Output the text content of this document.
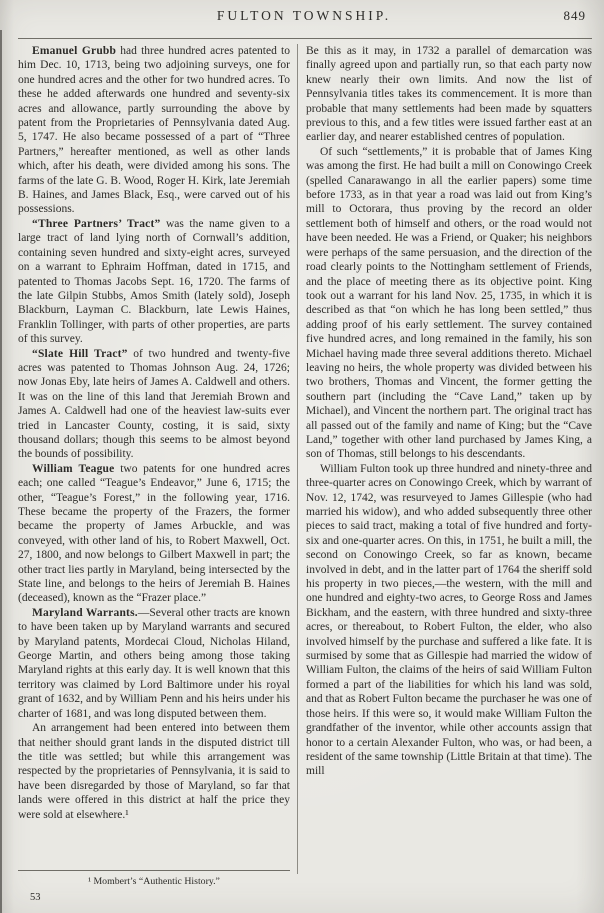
FULTON TOWNSHIP.	849

Emanuel Grubb had three hundred acres patented to him Dec. 10, 1713, being two adjoining surveys, one for one hundred acres and the other for two hundred acres. To these he added afterwards one hundred and seventy-six acres and allowance, partly surrounding the above by patent from the Proprietaries of Pennsylvania dated Aug. 5, 1747. He also became possessed of a part of “Three Partners,” hereafter mentioned, as well as other lands which, after his death, were divided among his sons. The farms of the late G. B. Wood, Roger H. Kirk, late Jeremiah B. Haines, and James Black, Esq., were carved out of his possessions.

“Three Partners’ Tract” was the name given to a large tract of land lying north of Cornwall’s addition, containing seven hundred and sixty-eight acres, surveyed on a warrant to Ephraim Hoffman, dated in 1715, and patented to Thomas Jacobs Sept. 16, 1720. The farms of the late Gilpin Stubbs, Amos Smith (lately sold), Joseph Blackburn, Layman C. Blackburn, late Lewis Haines, Franklin Tollinger, with parts of other properties, are parts of this survey.

“Slate Hill Tract” of two hundred and twenty-five acres was patented to Thomas Johnson Aug. 24, 1726; now Jonas Eby, late heirs of James A. Caldwell and others. It was on the line of this land that Jeremiah Brown and James A. Caldwell had one of the heaviest law-suits ever tried in Lancaster County, costing, it is said, sixty thousand dollars; though this seems to be almost beyond the bounds of possibility.

William Teague two patents for one hundred acres each; one called “Teague’s Endeavor,” June 6, 1715; the other, “Teague’s Forest,” in the following year, 1716. These became the property of the Frazers, the former became the property of James Arbuckle, and was conveyed, with other land of his, to Robert Maxwell, Oct. 27, 1800, and now belongs to Gilbert Maxwell in part; the other tract lies partly in Maryland, being intersected by the State line, and belongs to the heirs of Jeremiah B. Haines (deceased), known as the “Frazer place.”

Maryland Warrants.—Several other tracts are known to have been taken up by Maryland warrants and secured by Maryland patents, Mordecai Cloud, Nicholas Hiland, George Martin, and others being among those taking Maryland rights at this early day. It is well known that this territory was claimed by Lord Baltimore under his royal grant of 1632, and by William Penn and his heirs under his charter of 1681, and was long disputed between them.

An arrangement had been entered into between them that neither should grant lands in the disputed district till the title was settled; but while this arrangement was respected by the proprietaries of Pennsylvania, it is said to have been disregarded by those of Maryland, so far that lands were offered in this district at half the price they were sold at elsewhere.¹

¹ Mombert’s “Authentic History.”

53

Be this as it may, in 1732 a parallel of demarcation was finally agreed upon and partially run, so that each party now knew nearly their own limits. And now the list of Pennsylvania titles takes its commencement. It is more than probable that many settlements had been made by squatters previous to this, and a few titles were issued farther east at an earlier day, and nearer established centres of population.

Of such “settlements,” it is probable that of James King was among the first. He had built a mill on Conowingo Creek (spelled Canarawango in all the earlier papers) some time before 1733, as in that year a road was laid out from King’s mill to Octorara, thus proving by the record an older settlement both of himself and others, or the road would not have been needed. He was a Friend, or Quaker; his neighbors were perhaps of the same persuasion, and the direction of the road clearly points to the Nottingham settlement of Friends, and the place of meeting there as its objective point. King took out a warrant for his land Nov. 25, 1735, in which it is described as that “on which he has long been settled,” thus adding proof of his early settlement. The survey contained five hundred acres, and long remained in the family, his son Michael having made three several additions thereto. Michael leaving no heirs, the whole property was divided between his two brothers, Thomas and Vincent, the former getting the southern part (including the “Cave Land,” taken up by Michael), and Vincent the northern part. The original tract has all passed out of the family and name of King; but the “Cave Land,” together with other land purchased by James King, a son of Thomas, still belongs to his descendants.

William Fulton took up three hundred and ninety-three and three-quarter acres on Conowingo Creek, which by warrant of Nov. 12, 1742, was resurveyed to James Gillespie (who had married his widow), and who added subsequently three other pieces to said tract, making a total of five hundred and forty-six and one-quarter acres. On this, in 1751, he built a mill, the second on Conowingo Creek, so far as known, became involved in debt, and in the latter part of 1764 the sheriff sold his property in two pieces,—the western, with the mill and one hundred and eighty-two acres, to George Ross and James Bickham, and the eastern, with three hundred and sixty-three acres, or thereabout, to Robert Fulton, the elder, who also involved himself by the purchase and suffered a like fate. It is surmised by some that as Gillespie had married the widow of William Fulton, the claims of the heirs of said William Fulton formed a part of the liabilities for which his land was sold, and that as Robert Fulton became the purchaser he was one of those heirs. If this were so, it would make William Fulton the grandfather of the inventor, while other accounts assign that honor to a certain Alexander Fulton, who was, or had been, a resident of the same township (Little Britain at that time). The mill
